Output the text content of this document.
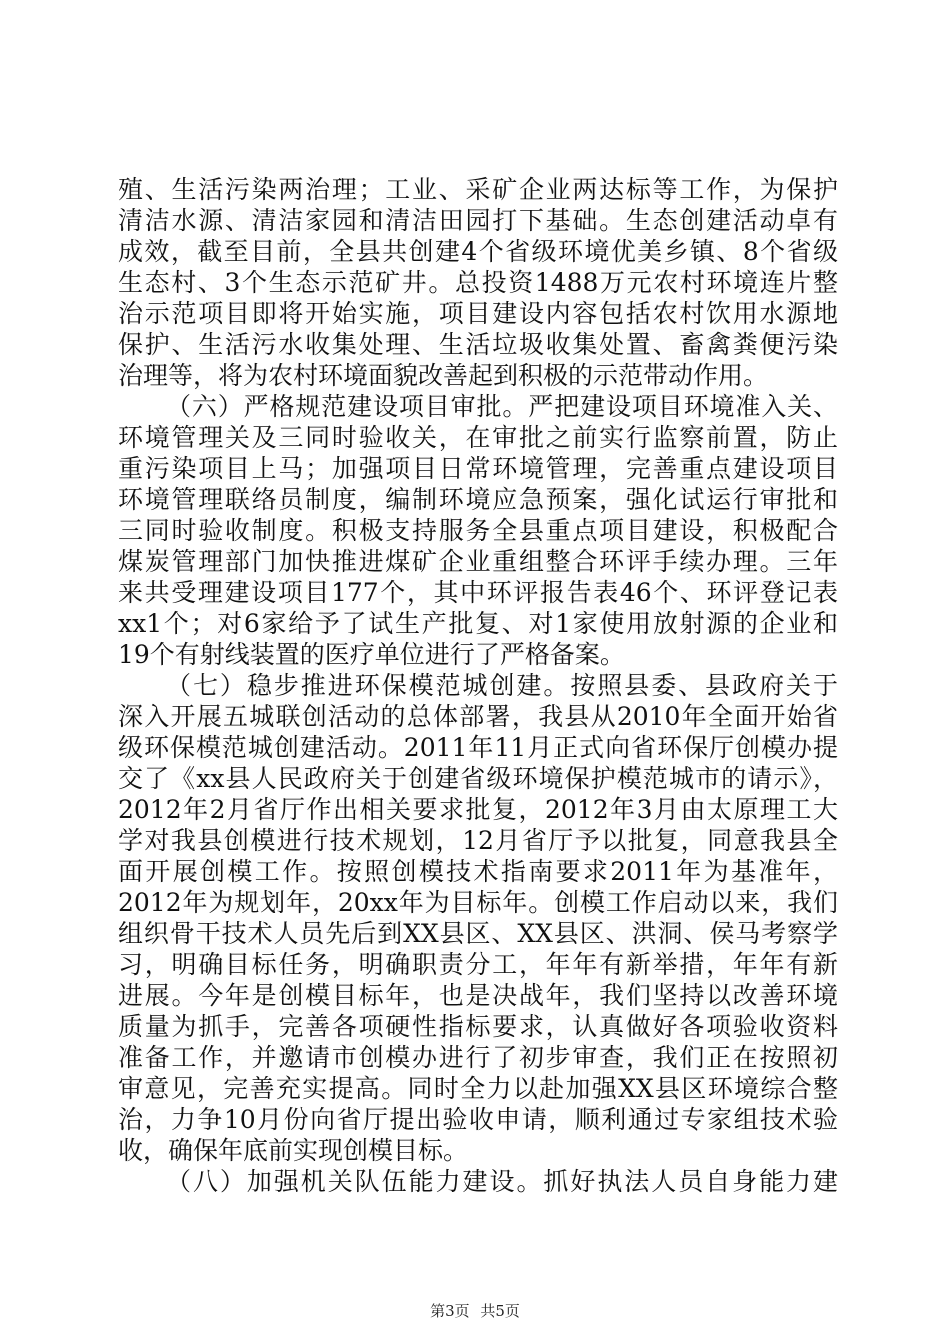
殖、生活污染两治理；工业、采矿企业两达标等工作，为保护
清洁水源、清洁家园和清洁田园打下基础。生态创建活动卓有
成效，截至目前，全县共创建4个省级环境优美乡镇、8个省级
生态村、3个生态示范矿井。总投资1488万元农村环境连片整
治示范项目即将开始实施，项目建设内容包括农村饮用水源地
保护、生活污水收集处理、生活垃圾收集处置、畜禽粪便污染
治理等，将为农村环境面貌改善起到积极的示范带动作用。
（六）严格规范建设项目审批。严把建设项目环境准入关、
环境管理关及三同时验收关，在审批之前实行监察前置，防止
重污染项目上马；加强项目日常环境管理，完善重点建设项目
环境管理联络员制度，编制环境应急预案，强化试运行审批和
三同时验收制度。积极支持服务全县重点项目建设，积极配合
煤炭管理部门加快推进煤矿企业重组整合环评手续办理。三年
来共受理建设项目177个，其中环评报告表46个、环评登记表
xx1个；对6家给予了试生产批复、对1家使用放射源的企业和
19个有射线装置的医疗单位进行了严格备案。
（七）稳步推进环保模范城创建。按照县委、县政府关于
深入开展五城联创活动的总体部署，我县从2010年全面开始省
级环保模范城创建活动。2011年11月正式向省环保厅创模办提
交了《xx县人民政府关于创建省级环境保护模范城市的请示》，
2012年2月省厅作出相关要求批复，2012年3月由太原理工大
学对我县创模进行技术规划，12月省厅予以批复，同意我县全
面开展创模工作。按照创模技术指南要求2011年为基准年，
2012年为规划年，20xx年为目标年。创模工作启动以来，我们
组织骨干技术人员先后到XX县区、XX县区、洪洞、侯马考察学
习，明确目标任务，明确职责分工，年年有新举措，年年有新
进展。今年是创模目标年，也是决战年，我们坚持以改善环境
质量为抓手，完善各项硬性指标要求，认真做好各项验收资料
准备工作，并邀请市创模办进行了初步审查，我们正在按照初
审意见，完善充实提高。同时全力以赴加强XX县区环境综合整
治，力争10月份向省厅提出验收申请，顺利通过专家组技术验
收，确保年底前实现创模目标。
（八）加强机关队伍能力建设。抓好执法人员自身能力建
第3页 共5页
